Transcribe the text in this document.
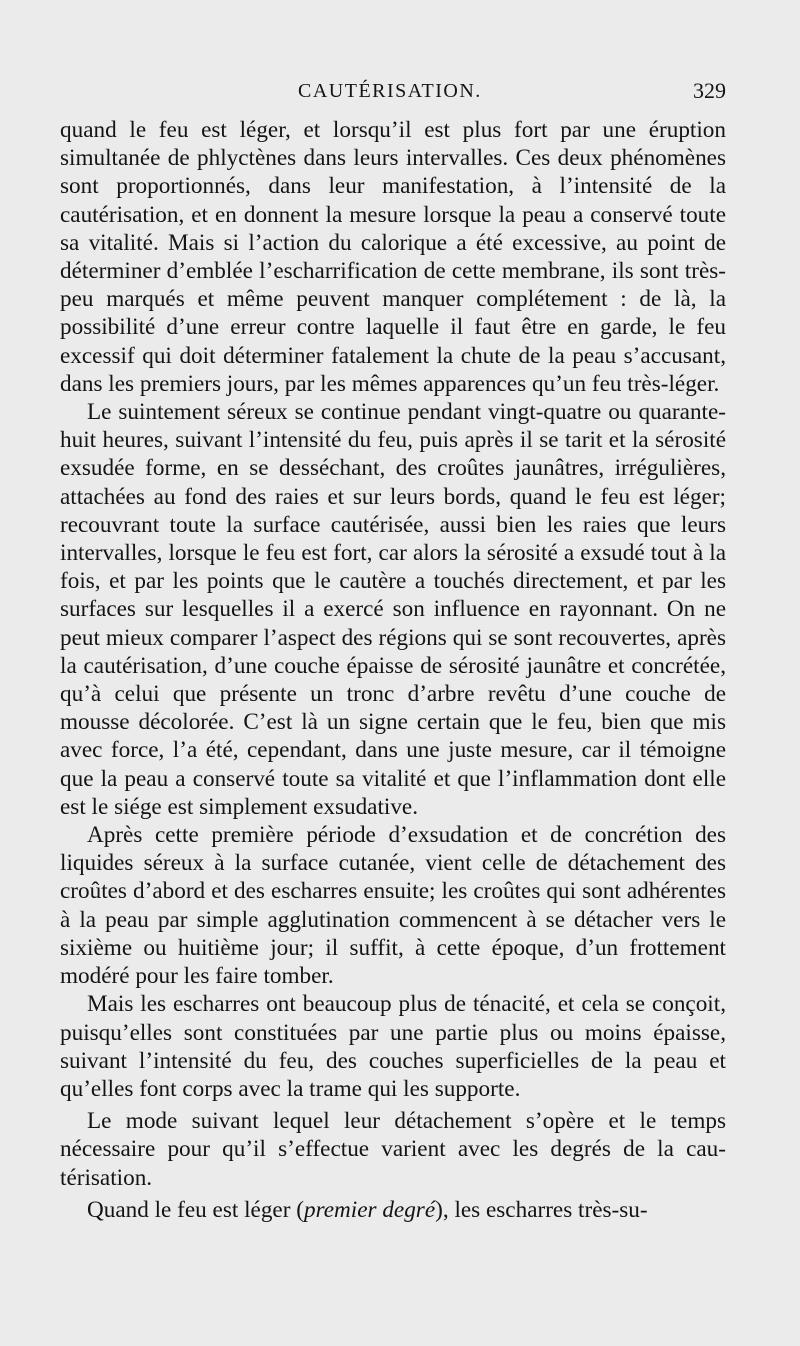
CAUTÉRISATION.	329

quand le feu est léger, et lorsqu’il est plus fort par une éruption simultanée de phlyctènes dans leurs intervalles. Ces deux phénomènes sont proportionnés, dans leur manifestation, à l’intensité de la cautérisation, et en donnent la mesure lorsque la peau a conservé toute sa vitalité. Mais si l’action du calorique a été excessive, au point de déterminer d’emblée l’escharrification de cette membrane, ils sont très-peu marqués et même peuvent manquer complétement : de là, la possibilité d’une erreur contre laquelle il faut être en garde, le feu excessif qui doit déterminer fatalement la chute de la peau s’accusant, dans les premiers jours, par les mêmes apparences qu’un feu très-léger.

Le suintement séreux se continue pendant vingt-quatre ou quarante-huit heures, suivant l’intensité du feu, puis après il se tarit et la sérosité exsudée forme, en se desséchant, des croûtes jaunâtres, irrégulières, attachées au fond des raies et sur leurs bords, quand le feu est léger; recouvrant toute la surface cautérisée, aussi bien les raies que leurs intervalles, lorsque le feu est fort, car alors la sérosité a exsudé tout à la fois, et par les points que le cautère a touchés directement, et par les surfaces sur lesquelles il a exercé son influence en rayonnant. On ne peut mieux comparer l’aspect des régions qui se sont recouvertes, après la cautérisation, d’une couche épaisse de sérosité jaunâtre et concrétée, qu’à celui que présente un tronc d’arbre revêtu d’une couche de mousse décolorée. C’est là un signe certain que le feu, bien que mis avec force, l’a été, cependant, dans une juste mesure, car il témoigne que la peau a conservé toute sa vitalité et que l’inflammation dont elle est le siége est simplement exsudative.

Après cette première période d’exsudation et de concrétion des liquides séreux à la surface cutanée, vient celle de détachement des croûtes d’abord et des escharres ensuite; les croûtes qui sont adhérentes à la peau par simple agglutination commencent à se détacher vers le sixième ou huitième jour; il suffit, à cette époque, d’un frottement modéré pour les faire tomber.

Mais les escharres ont beaucoup plus de ténacité, et cela se conçoit, puisqu’elles sont constituées par une partie plus ou moins épaisse, suivant l’intensité du feu, des couches superficielles de la peau et qu’elles font corps avec la trame qui les supporte.

Le mode suivant lequel leur détachement s’opère et le temps nécessaire pour qu’il s’effectue varient avec les degrés de la cautérisation.

Quand le feu est léger (premier degré), les escharres très-su-
